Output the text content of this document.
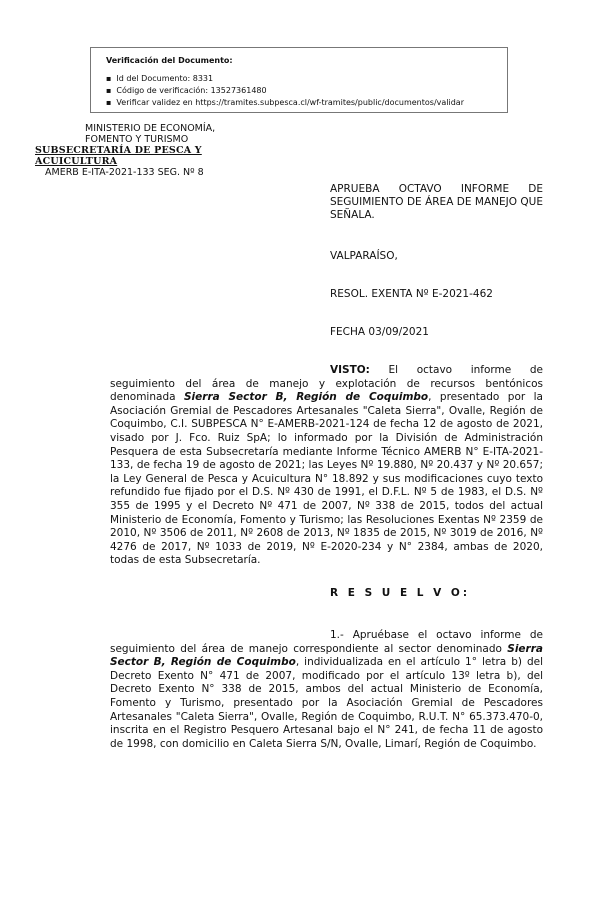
Verificación del Documento:
▪ Id del Documento: 8331
▪ Código de verificación: 13527361480
▪ Verificar validez en https://tramites.subpesca.cl/wf-tramites/public/documentos/validar
MINISTERIO DE ECONOMÍA,
FOMENTO Y TURISMO
SUBSECRETARÍA DE PESCA Y ACUICULTURA
AMERB E-ITA-2021-133 SEG. Nº 8
APRUEBA OCTAVO INFORME DE SEGUIMIENTO DE ÁREA DE MANEJO QUE SEÑALA.
VALPARAÍSO,
RESOL. EXENTA Nº E-2021-462
FECHA 03/09/2021
VISTO: El octavo informe de seguimiento del área de manejo y explotación de recursos bentónicos denominada Sierra Sector B, Región de Coquimbo, presentado por la Asociación Gremial de Pescadores Artesanales "Caleta Sierra", Ovalle, Región de Coquimbo, C.I. SUBPESCA N° E-AMERB-2021-124 de fecha 12 de agosto de 2021, visado por J. Fco. Ruiz SpA; lo informado por la División de Administración Pesquera de esta Subsecretaría mediante Informe Técnico AMERB N° E-ITA-2021-133, de fecha 19 de agosto de 2021; las Leyes Nº 19.880, Nº 20.437 y Nº 20.657; la Ley General de Pesca y Acuicultura N° 18.892 y sus modificaciones cuyo texto refundido fue fijado por el D.S. Nº 430 de 1991, el D.F.L. Nº 5 de 1983, el D.S. Nº 355 de 1995 y el Decreto Nº 471 de 2007, Nº 338 de 2015, todos del actual Ministerio de Economía, Fomento y Turismo; las Resoluciones Exentas Nº 2359 de 2010, Nº 3506 de 2011, Nº 2608 de 2013, Nº 1835 de 2015, Nº 3019 de 2016, Nº 4276 de 2017, Nº 1033 de 2019, Nº E-2020-234 y N° 2384, ambas de 2020, todas de esta Subsecretaría.
R E S U E L V O:
1.- Apruébase el octavo informe de seguimiento del área de manejo correspondiente al sector denominado Sierra Sector B, Región de Coquimbo, individualizada en el artículo 1° letra b) del Decreto Exento N° 471 de 2007, modificado por el artículo 13º letra b), del Decreto Exento N° 338 de 2015, ambos del actual Ministerio de Economía, Fomento y Turismo, presentado por la Asociación Gremial de Pescadores Artesanales "Caleta Sierra", Ovalle, Región de Coquimbo, R.U.T. N° 65.373.470-0, inscrita en el Registro Pesquero Artesanal bajo el N° 241, de fecha 11 de agosto de 1998, con domicilio en Caleta Sierra S/N, Ovalle, Limarí, Región de Coquimbo.
